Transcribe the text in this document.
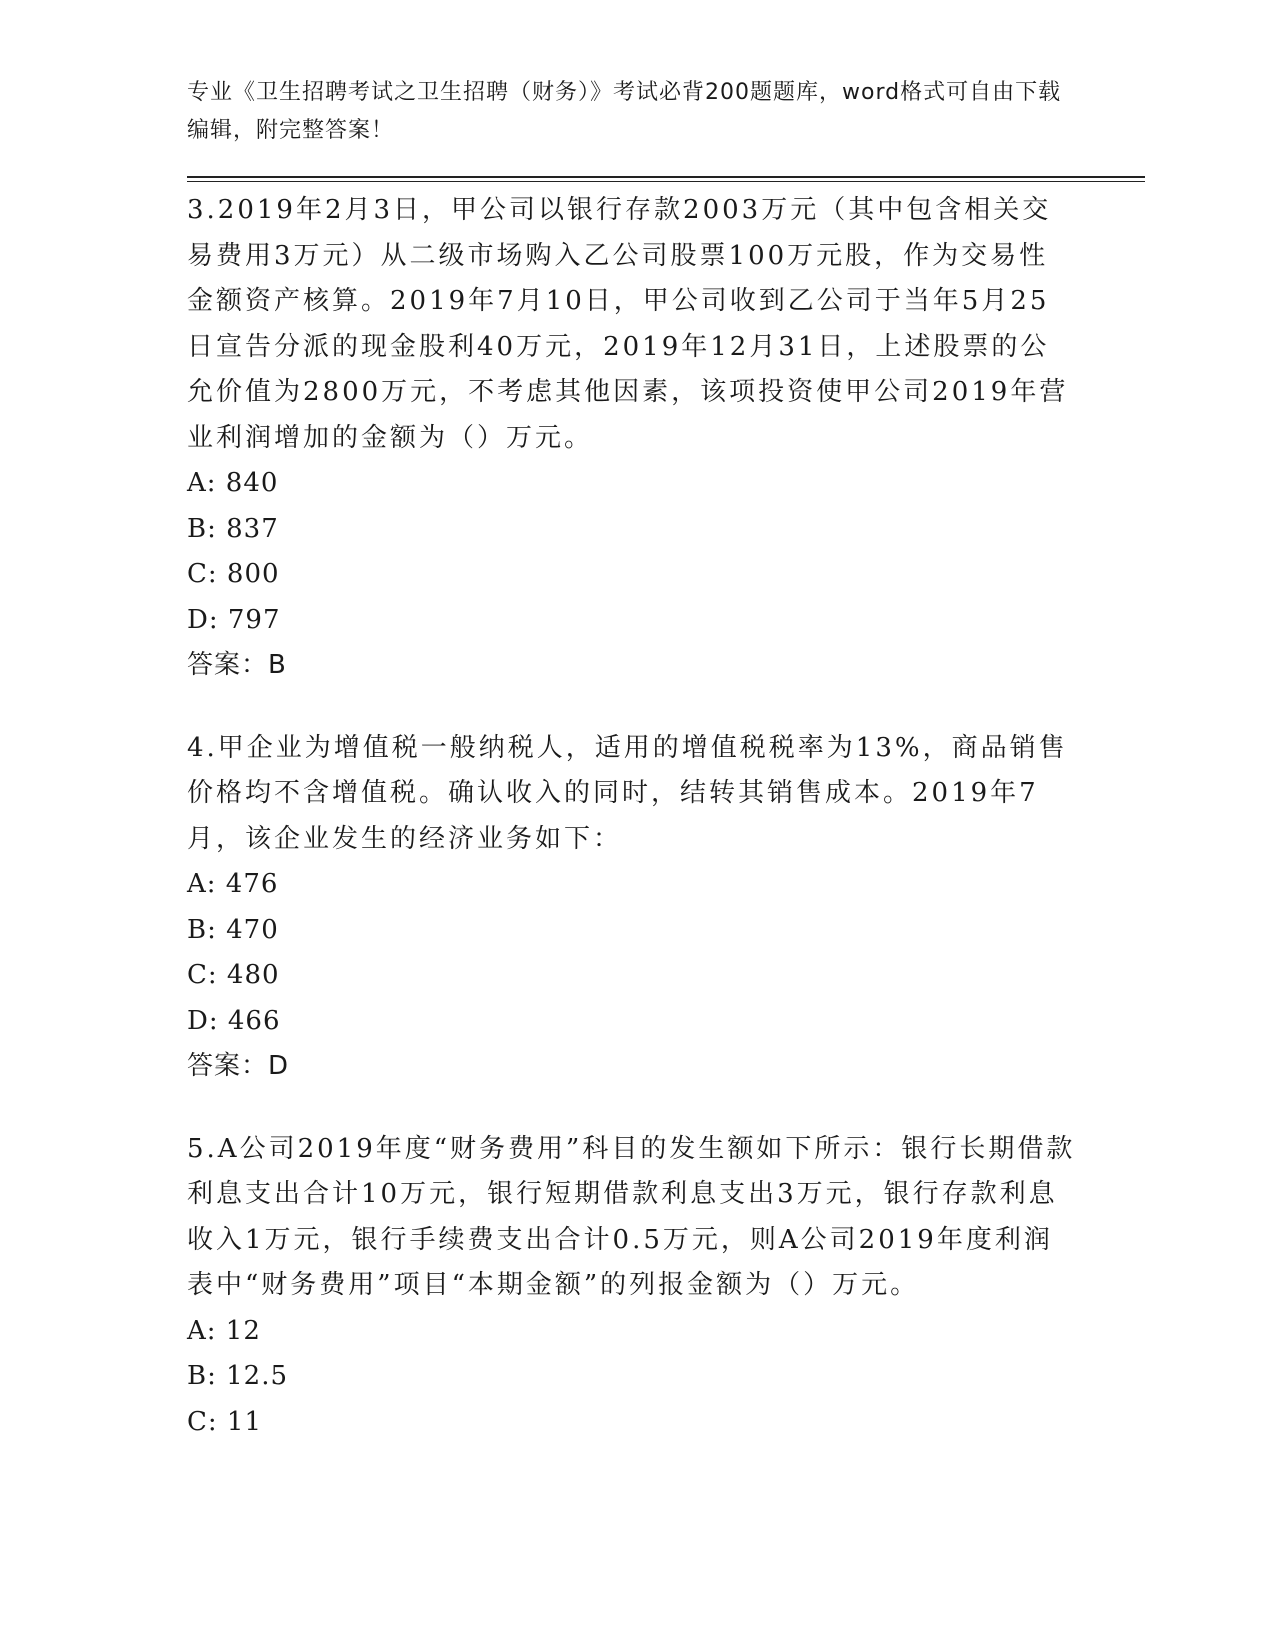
专业《卫生招聘考试之卫生招聘（财务）》考试必背200题题库，word格式可自由下载编辑，附完整答案！

3.2019年2月3日，甲公司以银行存款2003万元（其中包含相关交易费用3万元）从二级市场购入乙公司股票100万元股，作为交易性金额资产核算。2019年7月10日，甲公司收到乙公司于当年5月25日宣告分派的现金股利40万元，2019年12月31日，上述股票的公允价值为2800万元，不考虑其他因素，该项投资使甲公司2019年营业利润增加的金额为（）万元。

A: 840

B: 837

C: 800

D: 797

答案：B

4.甲企业为增值税一般纳税人，适用的增值税税率为13%，商品销售价格均不含增值税。确认收入的同时，结转其销售成本。2019年7月，该企业发生的经济业务如下：

A: 476

B: 470

C: 480

D: 466

答案：D

5.A公司2019年度“财务费用”科目的发生额如下所示：银行长期借款利息支出合计10万元，银行短期借款利息支出3万元，银行存款利息收入1万元，银行手续费支出合计0.5万元，则A公司2019年度利润表中“财务费用”项目“本期金额”的列报金额为（）万元。

A: 12

B: 12.5

C: 11
